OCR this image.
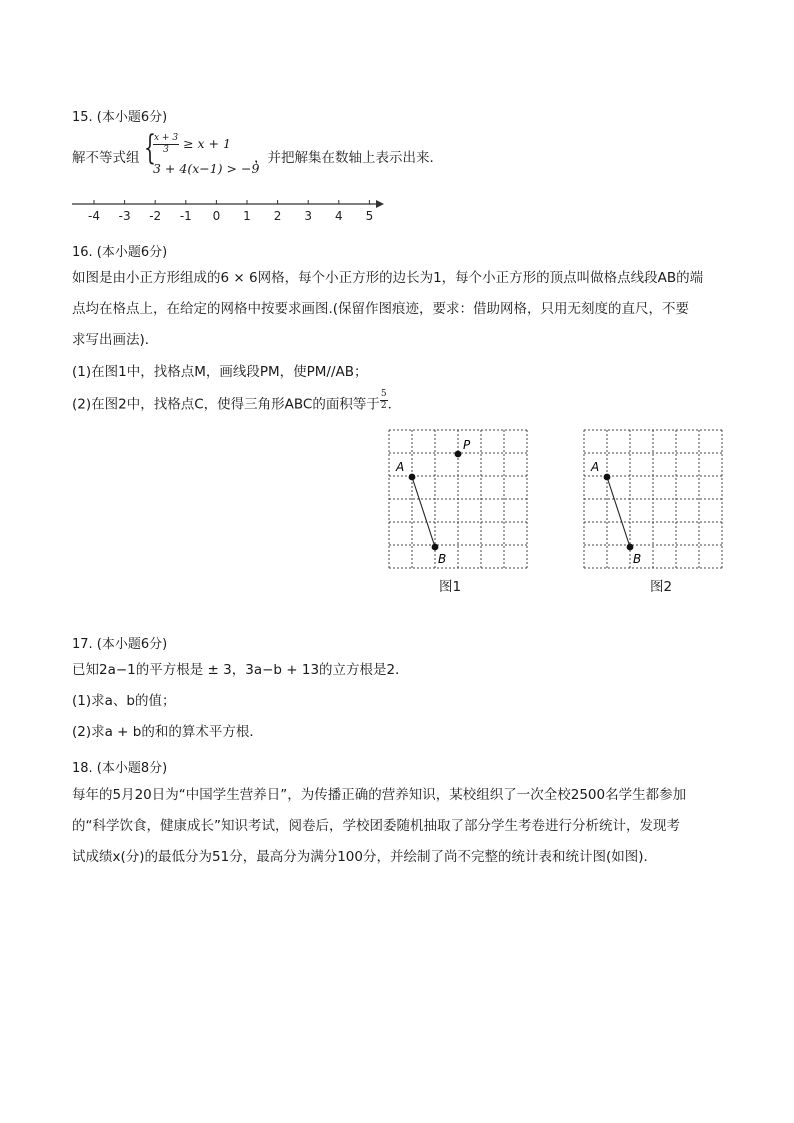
15. (本小题6分)
解不等式组 {
$\frac{x + 3}{3} \ge x + 1$
3 + 4(x−1) > −9
，并把解集在数轴上表示出来．
-4 -3 -2 -1 0 1 2 3 4 5
16. (本小题6分)
如图是由小正方形组成的6 × 6网格，每个小正方形的边长为1，每个小正方形的顶点叫做格点线段AB的端
点均在格点上，在给定的网格中按要求画图.(保留作图痕迹，要求：借助网格，只用无刻度的直尺，不要
求写出画法)．
(1)在图1中，找格点M，画线段PM，使PM//AB；
(2)在图2中，找格点C，使得三角形ABC的面积等于 $\frac{5}{2}$ ．
A
B
P
图1
A
B
图2
17. (本小题6分)
已知2a−1的平方根是 ± 3，3a−b + 13的立方根是2．
(1)求a、b的值；
(2)求a + b的和的算术平方根．
18. (本小题8分)
每年的5月20日为“中国学生营养日”，为传播正确的营养知识，某校组织了一次全校2500名学生都参加
的“科学饮食，健康成长”知识考试，阅卷后，学校团委随机抽取了部分学生考卷进行分析统计，发现考
试成绩x(分)的最低分为51分，最高分为满分100分，并绘制了尚不完整的统计表和统计图(如图)．
